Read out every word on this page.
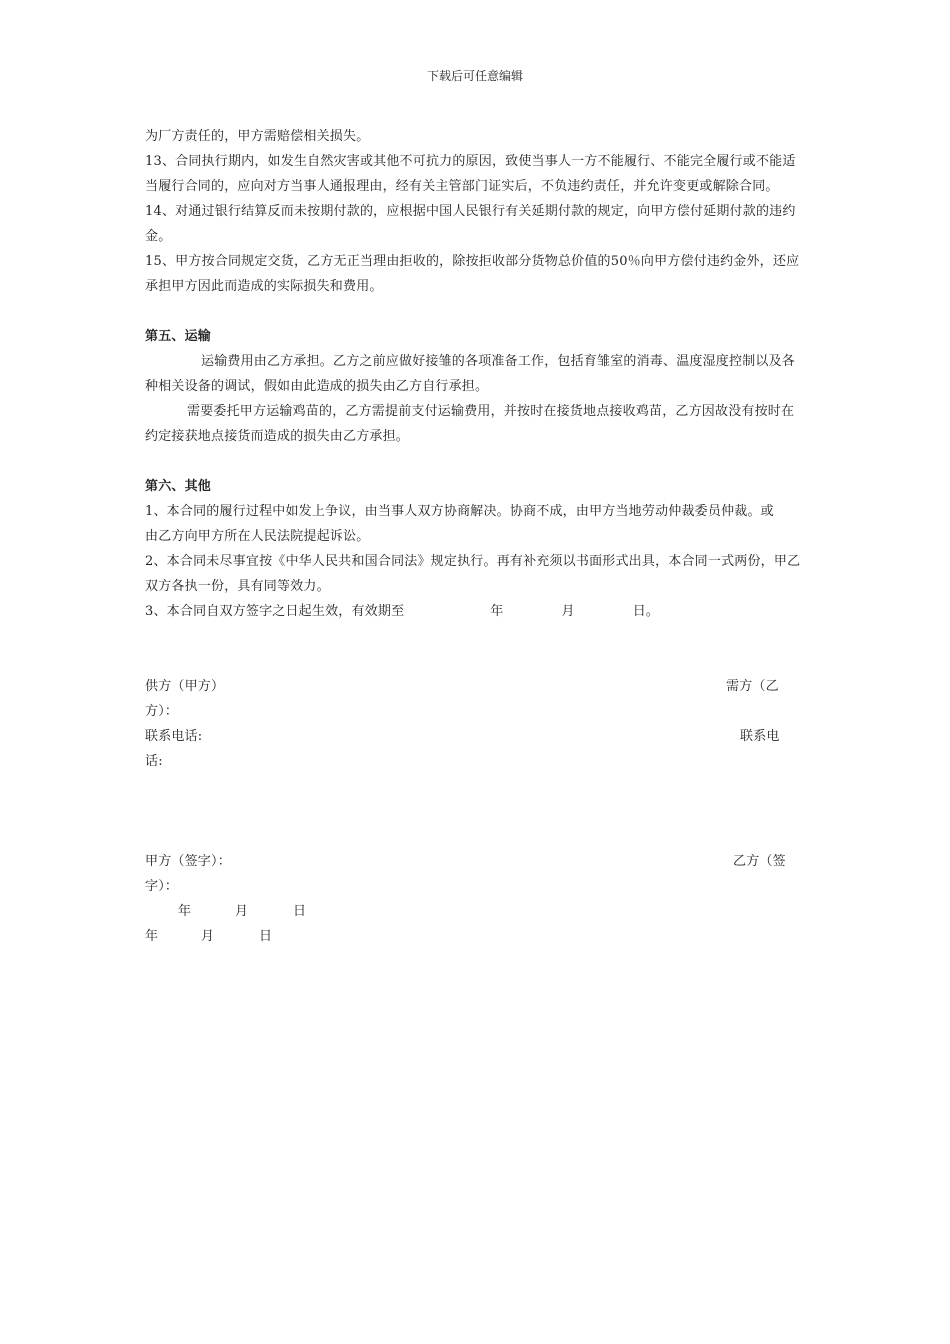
下载后可任意编辑

为厂方责任的，甲方需赔偿相关损失。

13、合同执行期内，如发生自然灾害或其他不可抗力的原因，致使当事人一方不能履行、不能完全履行或不能适当履行合同的，应向对方当事人通报理由，经有关主管部门证实后，不负违约责任，并允许变更或解除合同。

14、对通过银行结算反而未按期付款的，应根据中国人民银行有关延期付款的规定，向甲方偿付延期付款的违约金。

15、甲方按合同规定交货，乙方无正当理由拒收的，除按拒收部分货物总价值的50％向甲方偿付违约金外，还应承担甲方因此而造成的实际损失和费用。

第五、运输

运输费用由乙方承担。乙方之前应做好接雏的各项准备工作，包括育雏室的消毒、温度湿度控制以及各种相关设备的调试，假如由此造成的损失由乙方自行承担。

需要委托甲方运输鸡苗的，乙方需提前支付运输费用，并按时在接货地点接收鸡苗，乙方因故没有按时在约定接获地点接货而造成的损失由乙方承担。

第六、其他

1、本合同的履行过程中如发上争议，由当事人双方协商解决。协商不成，由甲方当地劳动仲裁委员仲裁。或由乙方向甲方所在人民法院提起诉讼。

2、本合同未尽事宜按《中华人民共和国合同法》规定执行。再有补充须以书面形式出具，本合同一式两份，甲乙双方各执一份，具有同等效力。

3、本合同自双方签字之日起生效，有效期至	年	月	日。

供方（甲方）	需方（乙

方）：

联系电话:	联系电

话:

甲方（签字）：	乙方（签

字）：

年	月	日
年	月	日
